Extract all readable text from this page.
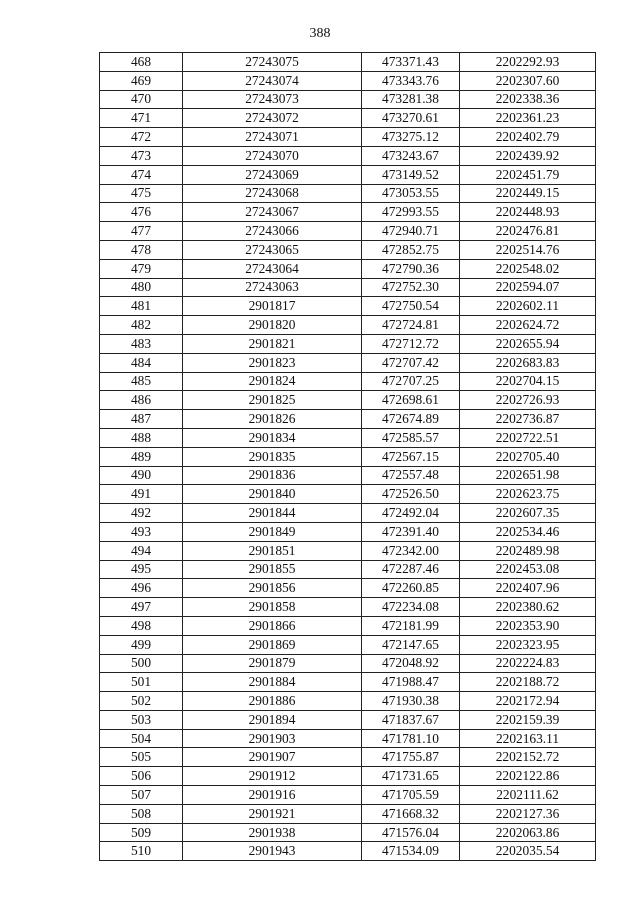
388
468	27243075	473371.43	2202292.93
469	27243074	473343.76	2202307.60
470	27243073	473281.38	2202338.36
471	27243072	473270.61	2202361.23
472	27243071	473275.12	2202402.79
473	27243070	473243.67	2202439.92
474	27243069	473149.52	2202451.79
475	27243068	473053.55	2202449.15
476	27243067	472993.55	2202448.93
477	27243066	472940.71	2202476.81
478	27243065	472852.75	2202514.76
479	27243064	472790.36	2202548.02
480	27243063	472752.30	2202594.07
481	2901817	472750.54	2202602.11
482	2901820	472724.81	2202624.72
483	2901821	472712.72	2202655.94
484	2901823	472707.42	2202683.83
485	2901824	472707.25	2202704.15
486	2901825	472698.61	2202726.93
487	2901826	472674.89	2202736.87
488	2901834	472585.57	2202722.51
489	2901835	472567.15	2202705.40
490	2901836	472557.48	2202651.98
491	2901840	472526.50	2202623.75
492	2901844	472492.04	2202607.35
493	2901849	472391.40	2202534.46
494	2901851	472342.00	2202489.98
495	2901855	472287.46	2202453.08
496	2901856	472260.85	2202407.96
497	2901858	472234.08	2202380.62
498	2901866	472181.99	2202353.90
499	2901869	472147.65	2202323.95
500	2901879	472048.92	2202224.83
501	2901884	471988.47	2202188.72
502	2901886	471930.38	2202172.94
503	2901894	471837.67	2202159.39
504	2901903	471781.10	2202163.11
505	2901907	471755.87	2202152.72
506	2901912	471731.65	2202122.86
507	2901916	471705.59	2202111.62
508	2901921	471668.32	2202127.36
509	2901938	471576.04	2202063.86
510	2901943	471534.09	2202035.54
